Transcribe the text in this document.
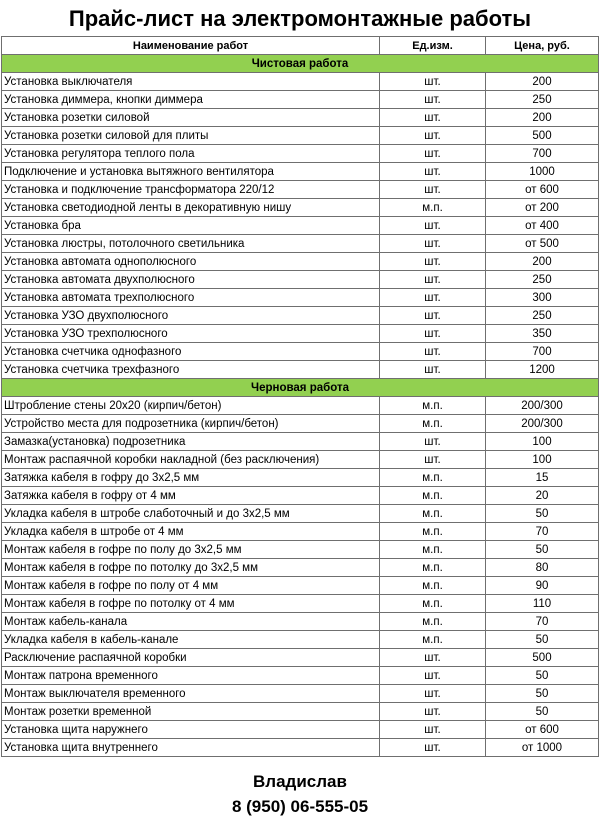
Прайс-лист на электромонтажные работы
Наименование работ	Ед.изм.	Цена, руб.
Чистовая работа		
Установка выключателя	шт.	200
Установка диммера, кнопки диммера	шт.	250
Установка розетки силовой	шт.	200
Установка розетки силовой для плиты	шт.	500
Установка регулятора теплого пола	шт.	700
Подключение и установка вытяжного вентилятора	шт.	1000
Установка и подключение трансформатора 220/12	шт.	от 600
Установка светодиодной ленты в декоративную нишу	м.п.	от 200
Установка бра	шт.	от 400
Установка люстры, потолочного светильника	шт.	от 500
Установка автомата однополюсного	шт.	200
Установка автомата двухполюсного	шт.	250
Установка автомата трехполюсного	шт.	300
Установка УЗО двухполюсного	шт.	250
Установка УЗО трехполюсного	шт.	350
Установка счетчика однофазного	шт.	700
Установка счетчика трехфазного	шт.	1200
Черновая работа		
Штробление стены 20х20 (кирпич/бетон)	м.п.	200/300
Устройство места для подрозетника (кирпич/бетон)	м.п.	200/300
Замазка(установка) подрозетника	шт.	100
Монтаж распаячной коробки накладной (без расключения)	шт.	100
Затяжка кабеля в гофру до 3х2,5 мм	м.п.	15
Затяжка кабеля в гофру от 4 мм	м.п.	20
Укладка кабеля в штробе слаботочный и до 3х2,5 мм	м.п.	50
Укладка кабеля в штробе от 4 мм	м.п.	70
Монтаж кабеля в гофре по полу до 3х2,5 мм	м.п.	50
Монтаж кабеля в гофре по потолку до 3х2,5 мм	м.п.	80
Монтаж кабеля в гофре по полу от 4 мм	м.п.	90
Монтаж кабеля в гофре по потолку от 4 мм	м.п.	110
Монтаж кабель-канала	м.п.	70
Укладка кабеля в кабель-канале	м.п.	50
Расключение распаячной коробки	шт.	500
Монтаж патрона временного	шт.	50
Монтаж выключателя временного	шт.	50
Монтаж розетки временной	шт.	50
Установка щита наружнего	шт.	от 600
Установка щита внутреннего	шт.	от 1000
Владислав
8 (950) 06-555-05
